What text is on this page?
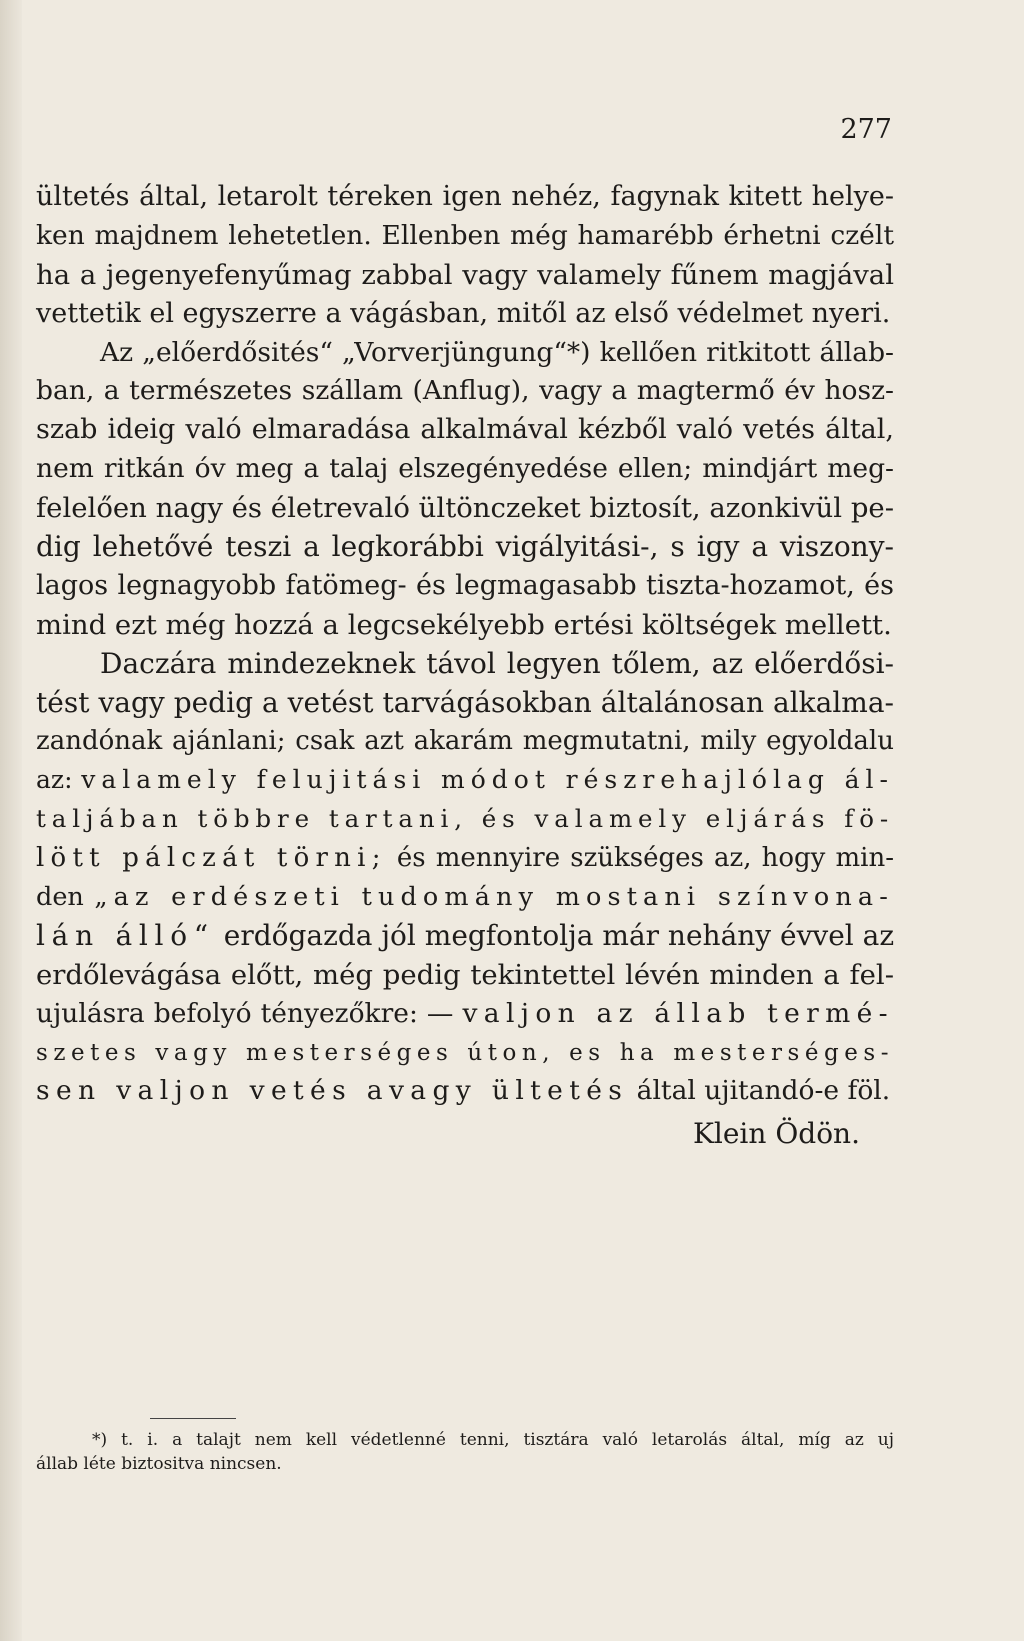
277
ültetés által, letarolt téreken igen nehéz, fagynak kitett helye-
ken majdnem lehetetlen. Ellenben még hamarébb érhetni czélt
ha a jegenyefenyűmag zabbal vagy valamely fűnem magjával
vettetik el egyszerre a vágásban, mitől az első védelmet nyeri.
Az „előerdősités“ „Vorverjüngung“*) kellően ritkitott állab-
ban, a természetes szállam (Anflug), vagy a magtermő év hosz-
szab ideig való elmaradása alkalmával kézből való vetés által,
nem ritkán óv meg a talaj elszegényedése ellen; mindjárt meg-
felelően nagy és életrevaló ültönczeket biztosít, azonkivül pe-
dig lehetővé teszi a legkorábbi vigályitási-, s igy a viszony-
lagos legnagyobb fatömeg- és legmagasabb tiszta-hozamot, és
mind ezt még hozzá a legcsekélyebb ertési költségek mellett.
Daczára mindezeknek távol legyen tőlem, az előerdősi-
tést vagy pedig a vetést tarvágásokban általánosan alkalma-
zandónak ajánlani; csak azt akarám megmutatni, mily egyoldalu
az: valamely felujitási módot részrehajlólag ál-
taljában többre tartani, és valamely eljárás fö-
lött pálczát törni; és mennyire szükséges az, hogy min-
den „az erdészeti tudomány mostani színvona-
lán álló“ erdőgazda jól megfontolja már nehány évvel az
erdőlevágása előtt, még pedig tekintettel lévén minden a fel-
ujulásra befolyó tényezőkre: — valjon az állab termé-
szetes vagy mesterséges úton, es ha mesterséges-
sen valjon vetés avagy ültetés által ujitandó-e föl.
Klein Ödön.
*) t. i. a talajt nem kell védetlenné tenni, tisztára való letarolás által, míg az uj
állab léte biztositva nincsen.
